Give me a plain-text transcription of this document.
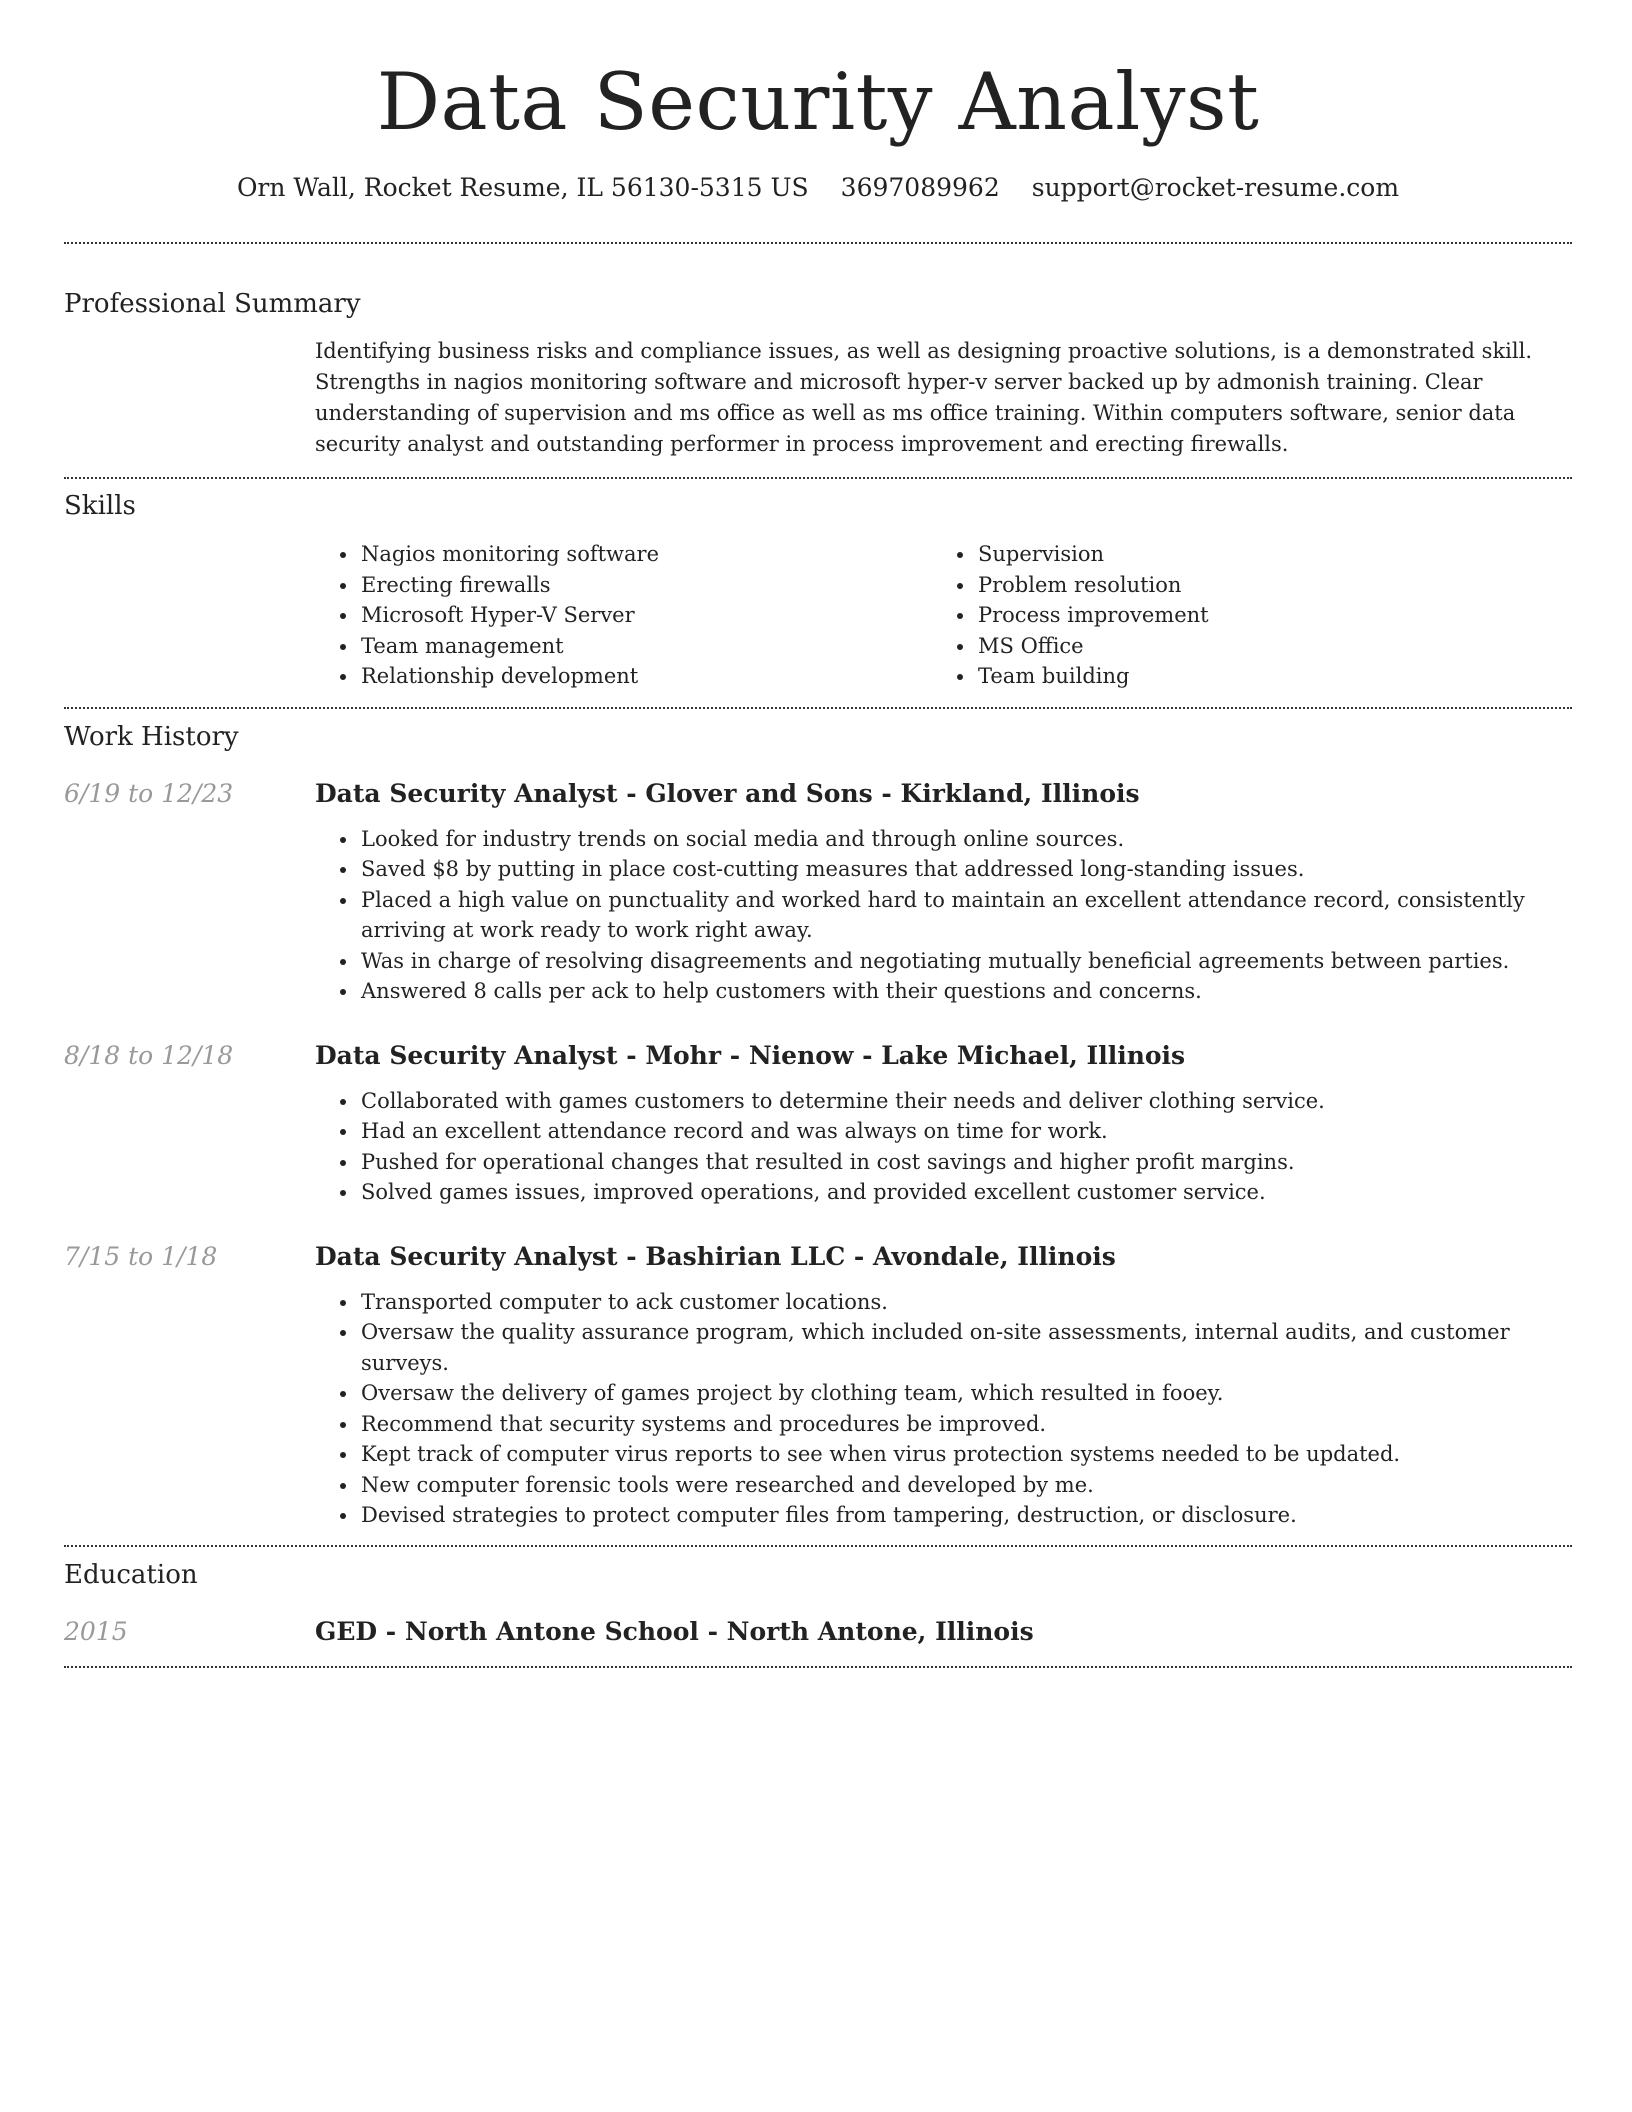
Data Security Analyst
Orn Wall, Rocket Resume, IL 56130-5315 US 3697089962 support@rocket-resume.com
Professional Summary

Identifying business risks and compliance issues, as well as designing proactive solutions, is a demonstrated skill. Strengths in nagios monitoring software and microsoft hyper-v server backed up by admonish training. Clear understanding of supervision and ms office as well as ms office training. Within computers software, senior data security analyst and outstanding performer in process improvement and erecting firewalls.

Skills
• Nagios monitoring software
• Erecting firewalls
• Microsoft Hyper-V Server
• Team management
• Relationship development
• Supervision
• Problem resolution
• Process improvement
• MS Office
• Team building
Work History
6/19 to 12/23	Data Security Analyst - Glover and Sons - Kirkland, Illinois
• Looked for industry trends on social media and through online sources.
• Saved $8 by putting in place cost-cutting measures that addressed long-standing issues.
• Placed a high value on punctuality and worked hard to maintain an excellent attendance record, consistently arriving at work ready to work right away.
• Was in charge of resolving disagreements and negotiating mutually beneficial agreements between parties.
• Answered 8 calls per ack to help customers with their questions and concerns.
8/18 to 12/18	Data Security Analyst - Mohr - Nienow - Lake Michael, Illinois
• Collaborated with games customers to determine their needs and deliver clothing service.
• Had an excellent attendance record and was always on time for work.
• Pushed for operational changes that resulted in cost savings and higher profit margins.
• Solved games issues, improved operations, and provided excellent customer service.
7/15 to 1/18	Data Security Analyst - Bashirian LLC - Avondale, Illinois
• Transported computer to ack customer locations.
• Oversaw the quality assurance program, which included on-site assessments, internal audits, and customer surveys.
• Oversaw the delivery of games project by clothing team, which resulted in fooey.
• Recommend that security systems and procedures be improved.
• Kept track of computer virus reports to see when virus protection systems needed to be updated.
• New computer forensic tools were researched and developed by me.
• Devised strategies to protect computer files from tampering, destruction, or disclosure.
Education
2015	GED - North Antone School - North Antone, Illinois
